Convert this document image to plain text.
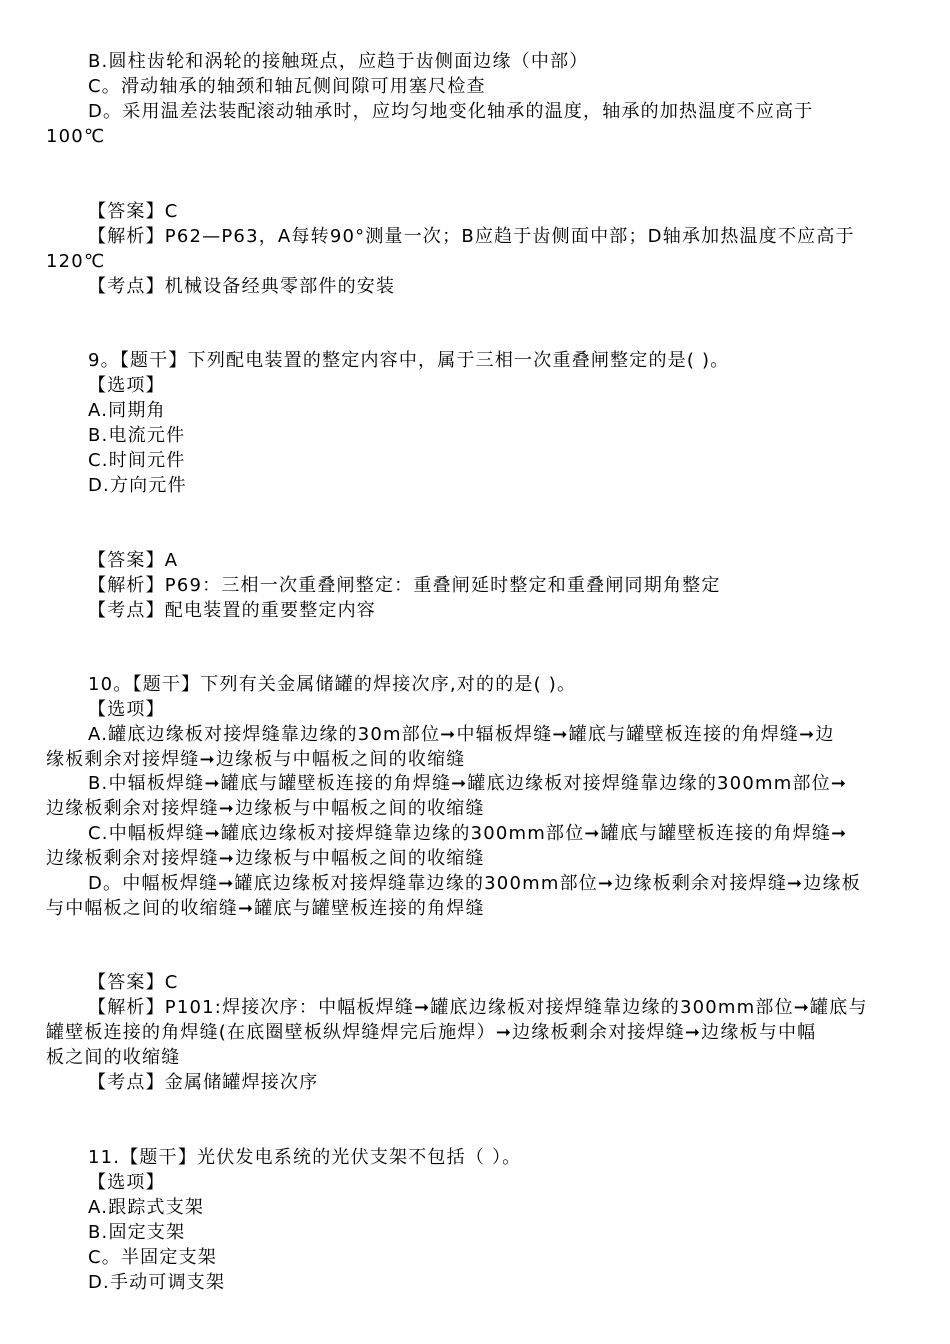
B.圆柱齿轮和涡轮的接触斑点，应趋于齿侧面边缘（中部）
C。滑动轴承的轴颈和轴瓦侧间隙可用塞尺检查
D。采用温差法装配滚动轴承时，应均匀地变化轴承的温度，轴承的加热温度不应高于
100℃
【答案】C
【解析】P62—P63，A每转90°测量一次；B应趋于齿侧面中部；D轴承加热温度不应高于
120℃
【考点】机械设备经典零部件的安装
9。【题干】下列配电装置的整定内容中，属于三相一次重叠闸整定的是( )。
【选项】
A.同期角
B.电流元件
C.时间元件
D.方向元件
【答案】A
【解析】P69：三相一次重叠闸整定：重叠闸延时整定和重叠闸同期角整定
【考点】配电装置的重要整定内容
10。【题干】下列有关金属储罐的焊接次序,对的的是( )。
【选项】
A.罐底边缘板对接焊缝靠边缘的30m部位➞中辐板焊缝➞罐底与罐壁板连接的角焊缝➞边
缘板剩余对接焊缝➞边缘板与中幅板之间的收缩缝
B.中辐板焊缝➞罐底与罐壁板连接的角焊缝➞罐底边缘板对接焊缝靠边缘的300mm部位➞
边缘板剩余对接焊缝➞边缘板与中幅板之间的收缩缝
C.中幅板焊缝➞罐底边缘板对接焊缝靠边缘的300mm部位➞罐底与罐壁板连接的角焊缝➞
边缘板剩余对接焊缝➞边缘板与中幅板之间的收缩缝
D。中幅板焊缝➞罐底边缘板对接焊缝靠边缘的300mm部位➞边缘板剩余对接焊缝➞边缘板
与中幅板之间的收缩缝➞罐底与罐壁板连接的角焊缝
【答案】C
【解析】P101:焊接次序：中幅板焊缝➞罐底边缘板对接焊缝靠边缘的300mm部位➞罐底与
罐壁板连接的角焊缝(在底圈壁板纵焊缝焊完后施焊）➞边缘板剩余对接焊缝➞边缘板与中幅
板之间的收缩缝
【考点】金属储罐焊接次序
11.【题干】光伏发电系统的光伏支架不包括（ ）。
【选项】
A.跟踪式支架
B.固定支架
C。半固定支架
D.手动可调支架
